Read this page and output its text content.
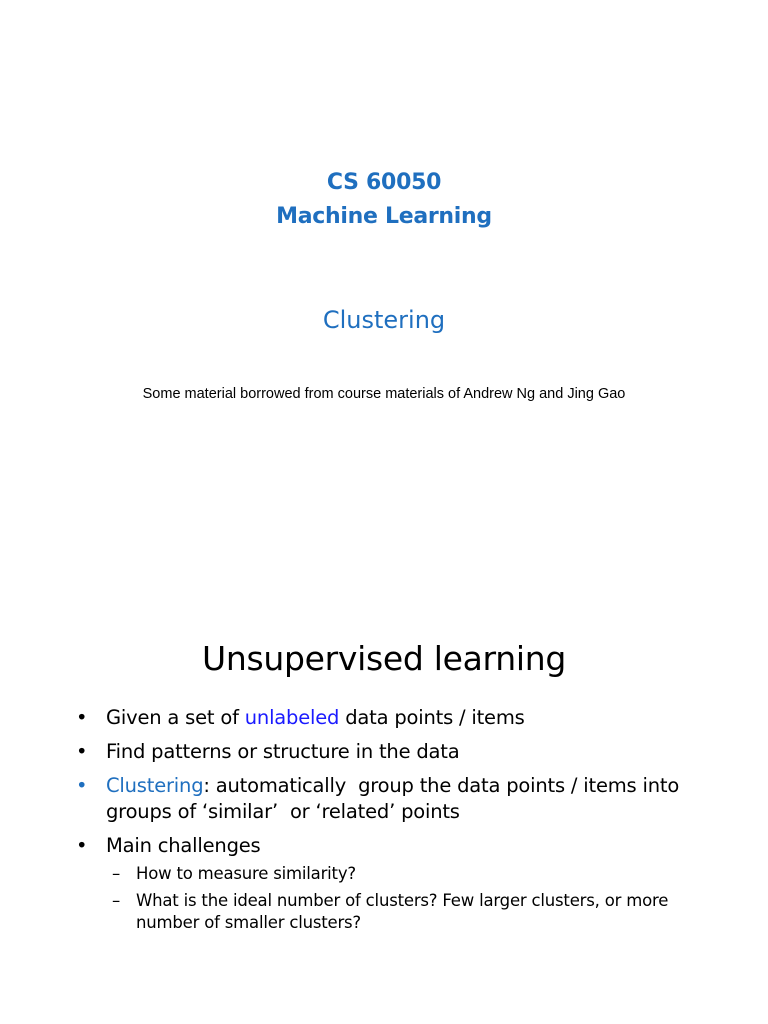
CS 60050
Machine Learning
Clustering
Some material borrowed from course materials of Andrew Ng and Jing Gao
Unsupervised learning
• Given a set of unlabeled data points / items
• Find patterns or structure in the data
• Clustering: automatically  group the data points / items into groups of ‘similar’  or ‘related’ points
• Main challenges
– How to measure similarity?
– What is the ideal number of clusters? Few larger clusters, or more number of smaller clusters?
